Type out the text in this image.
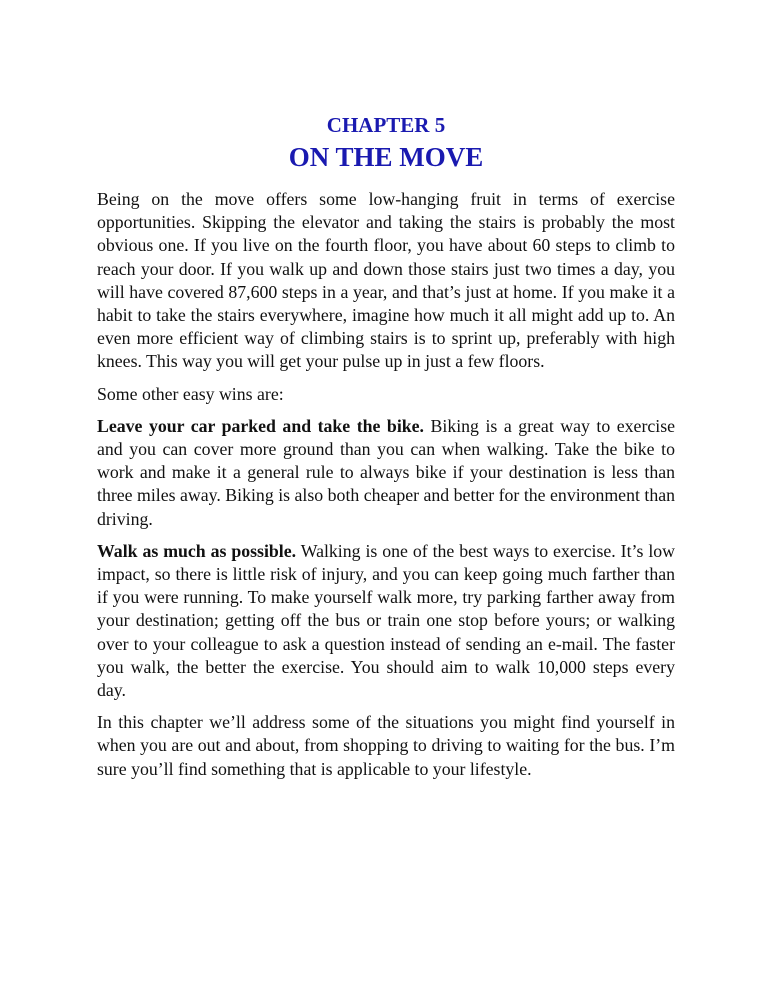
CHAPTER 5
ON THE MOVE

Being on the move offers some low-hanging fruit in terms of exercise opportunities. Skipping the elevator and taking the stairs is probably the most obvious one. If you live on the fourth floor, you have about 60 steps to climb to reach your door. If you walk up and down those stairs just two times a day, you will have covered 87,600 steps in a year, and that’s just at home. If you make it a habit to take the stairs everywhere, imagine how much it all might add up to. An even more efficient way of climbing stairs is to sprint up, preferably with high knees. This way you will get your pulse up in just a few floors.

Some other easy wins are:

Leave your car parked and take the bike. Biking is a great way to exercise and you can cover more ground than you can when walking. Take the bike to work and make it a general rule to always bike if your destination is less than three miles away. Biking is also both cheaper and better for the environment than driving.

Walk as much as possible. Walking is one of the best ways to exercise. It’s low impact, so there is little risk of injury, and you can keep going much farther than if you were running. To make yourself walk more, try parking farther away from your destination; getting off the bus or train one stop before yours; or walking over to your colleague to ask a question instead of sending an e-mail. The faster you walk, the better the exercise. You should aim to walk 10,000 steps every day.

In this chapter we’ll address some of the situations you might find yourself in when you are out and about, from shopping to driving to waiting for the bus. I’m sure you’ll find something that is applicable to your lifestyle.
